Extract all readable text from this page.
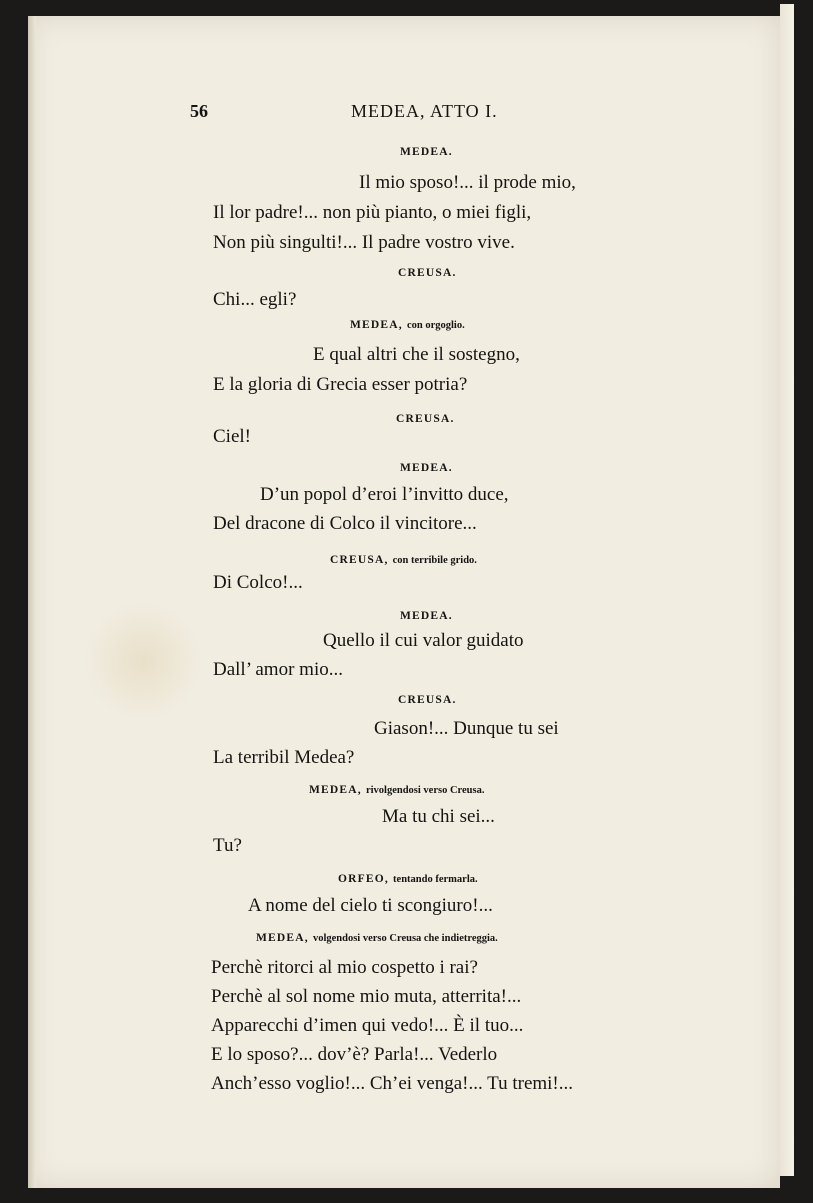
56	MEDEA, ATTO I.
MEDEA.
Il mio sposo!... il prode mio,
Il lor padre!... non più pianto, o miei figli,
Non più singulti!... Il padre vostro vive.
CREUSA.
Chi... egli?
MEDEA, con orgoglio.
E qual altri che il sostegno,
E la gloria di Grecia esser potria?
CREUSA.
Ciel!
MEDEA.
D’un popol d’eroi l’invitto duce,
Del dracone di Colco il vincitore...
CREUSA, con terribile grido.
Di Colco!...
MEDEA.
Quello il cui valor guidato
Dall’ amor mio...
CREUSA.
Giason!... Dunque tu sei
La terribil Medea?
MEDEA, rivolgendosi verso Creusa.
Ma tu chi sei...
Tu?
ORFEO, tentando fermarla.
A nome del cielo ti scongiuro!...
MEDEA, volgendosi verso Creusa che indietreggia.
Perchè ritorci al mio cospetto i rai?
Perchè al sol nome mio muta, atterrita!...
Apparecchi d’imen qui vedo!... È il tuo...
E lo sposo?... dov’è? Parla!... Vederlo
Anch’esso voglio!... Ch’ei venga!... Tu tremi!...
